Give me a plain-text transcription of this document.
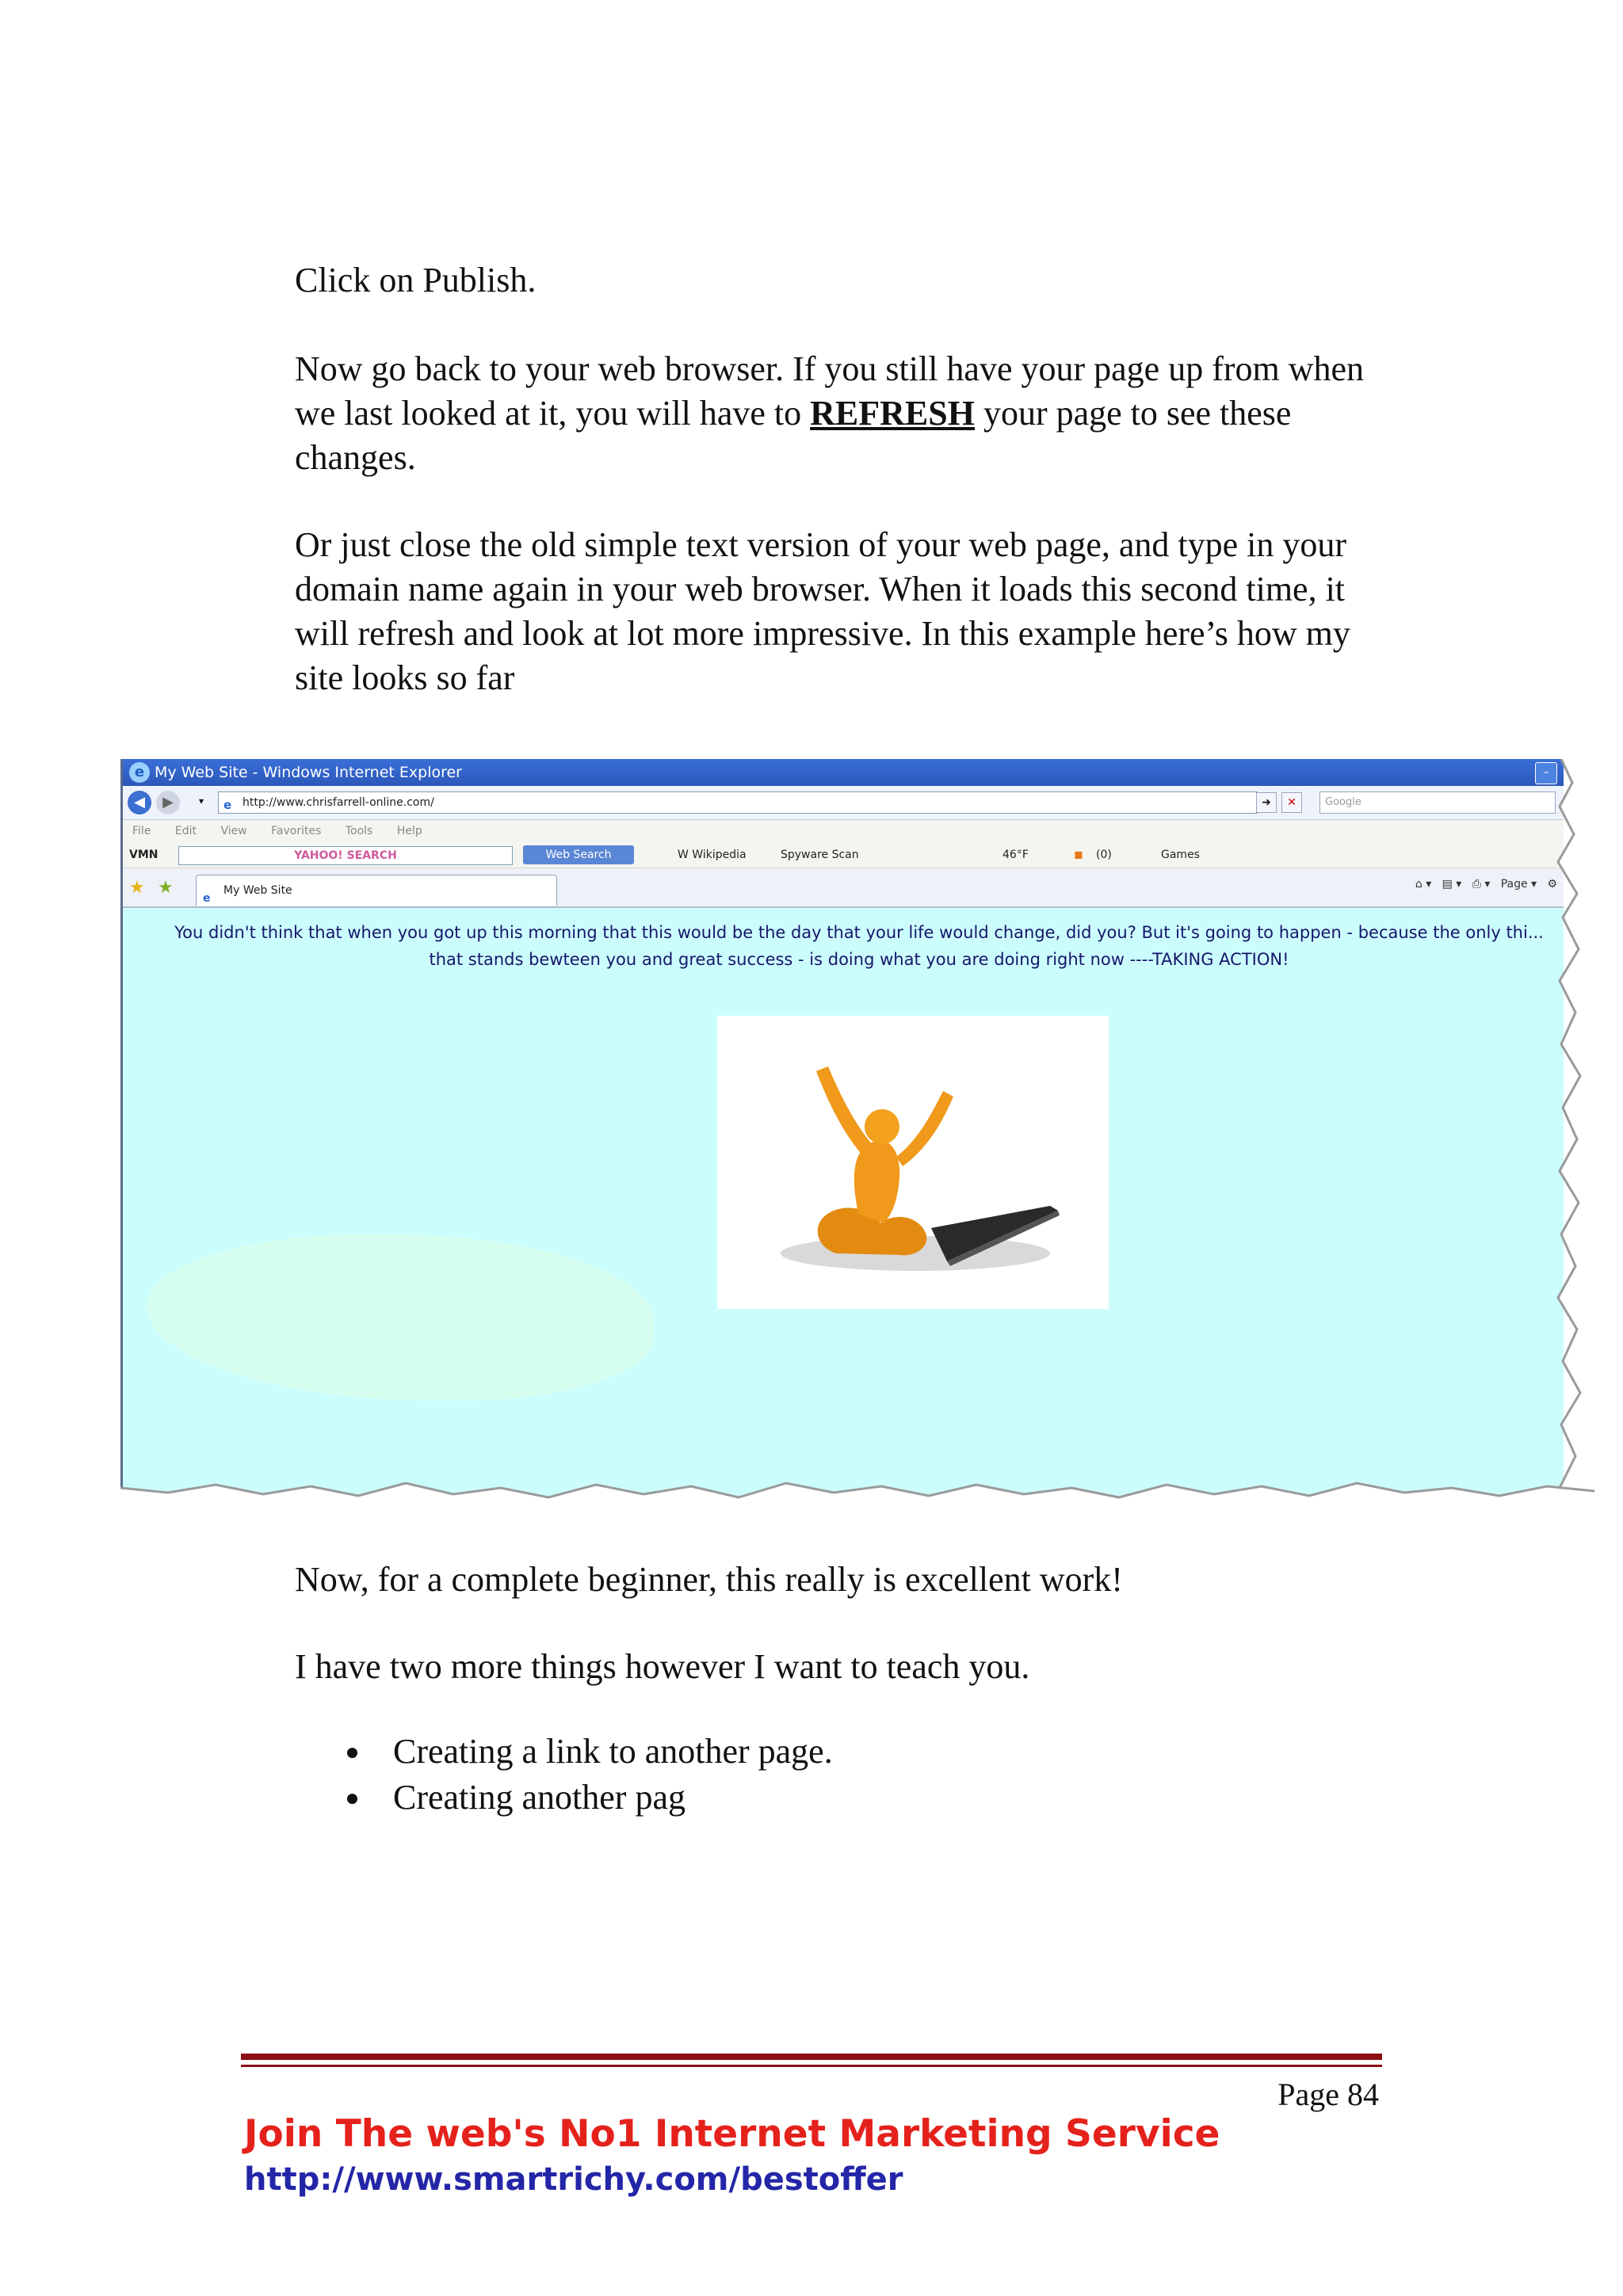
Click on Publish.

Now go back to your web browser. If you still have your page up from when we last looked at it, you will have to REFRESH your page to see these changes.

Or just close the old simple text version of your web page, and type in your domain name again in your web browser. When it loads this second time, it will refresh and look at lot more impressive. In this example here’s how my site looks so far

e My Web Site - Windows Internet Explorer	–
◀	▶	▾ e http://www.chrisfarrell-online.com/	➜	✕	Google
File Edit View Favorites Tools Help
VMN	YAHOO! SEARCH	Web Search	W Wikipedia	Spyware Scan	46°F	◼ (0)	Games
★ ★
e
My Web Site	⌂ ▾   ▤ ▾   ⎙ ▾   Page ▾   ⚙
You didn't think that when you got up this morning that this would be the day that your life would change, did you? But it's going to happen - because the only thi... that stands bewteen you and great success - is doing what you are doing right now ----TAKING ACTION!

Now, for a complete beginner, this really is excellent work!

I have two more things however I want to teach you.

Creating a link to another page.
Creating another pag
Page 84
Join The web's No1 Internet Marketing Service
http://www.smartrichy.com/bestoffer
